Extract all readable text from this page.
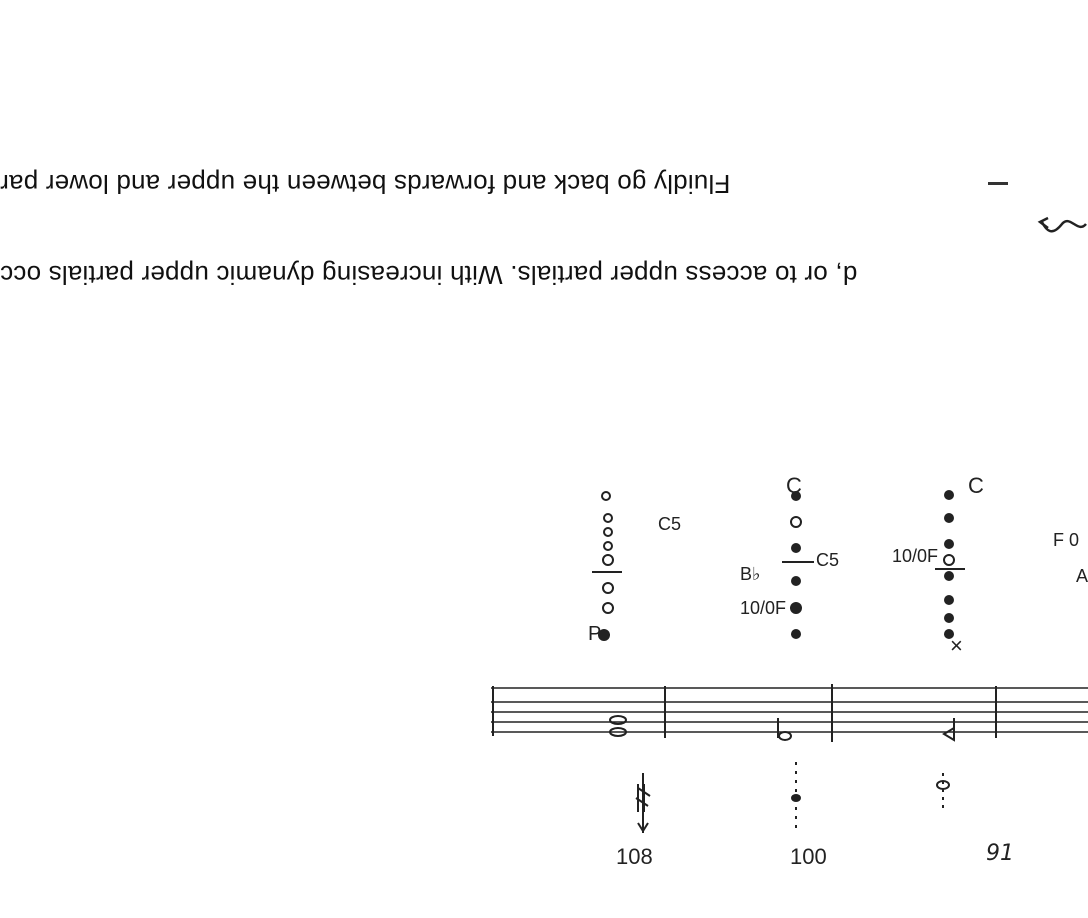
d, or to access upper partials. With increasing dynamic upper partials occ
Fluidly go back and forwards between the upper and lower par
91
×
C
10/0F
100
C
C5
B♭
10/0F
108
C5
P
F 0
A
